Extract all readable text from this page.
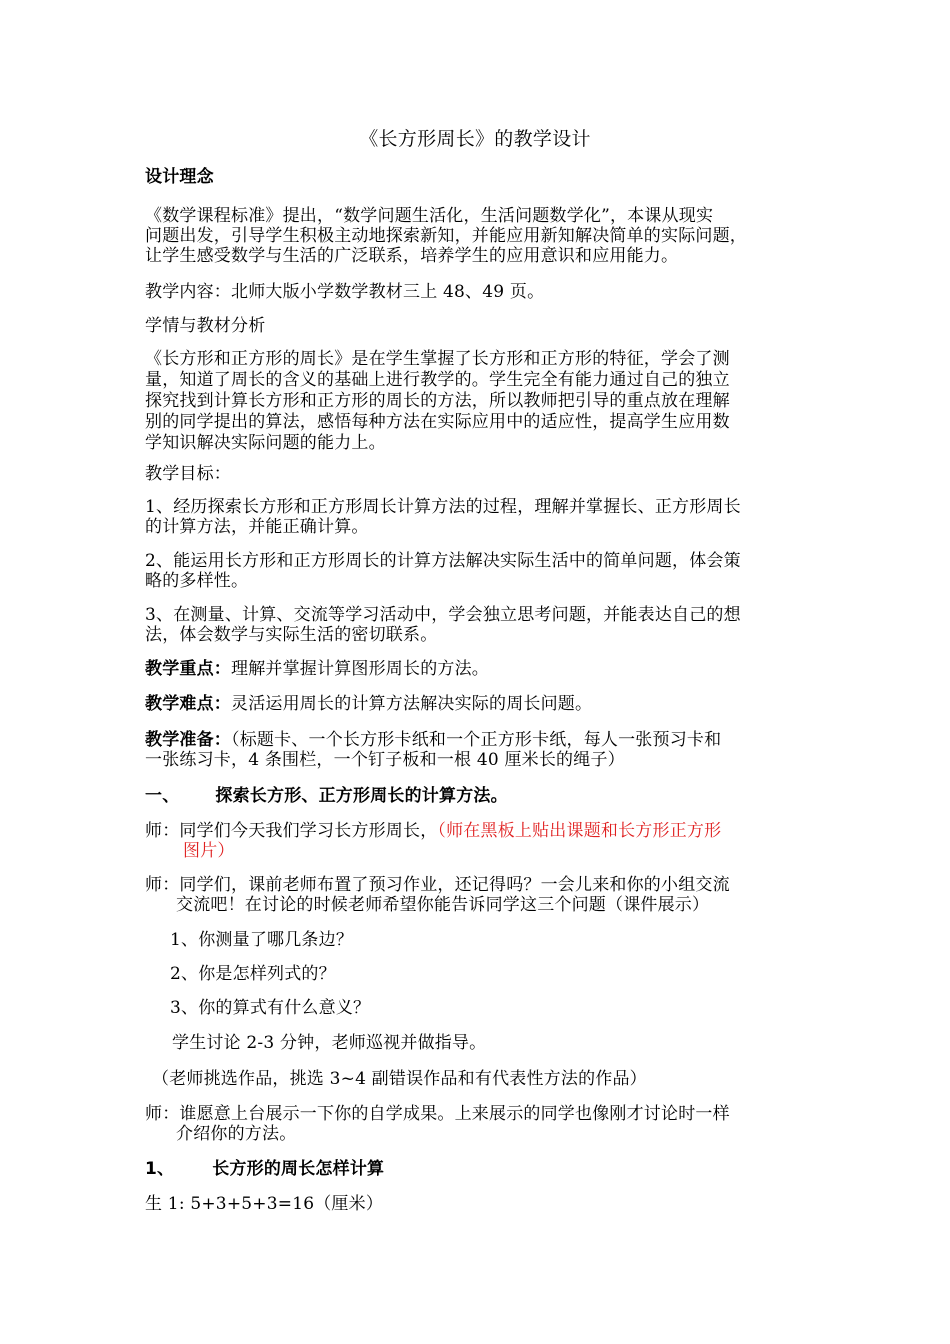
《长方形周长》的教学设计
设计理念
《数学课程标准》提出，“数学问题生活化，生活问题数学化”，本课从现实
问题出发，引导学生积极主动地探索新知，并能应用新知解决简单的实际问题，
让学生感受数学与生活的广泛联系，培养学生的应用意识和应用能力。
教学内容：北师大版小学数学教材三上 48、49 页。
学情与教材分析
《长方形和正方形的周长》是在学生掌握了长方形和正方形的特征，学会了测
量，知道了周长的含义的基础上进行教学的。学生完全有能力通过自己的独立
探究找到计算长方形和正方形的周长的方法，所以教师把引导的重点放在理解
别的同学提出的算法，感悟每种方法在实际应用中的适应性，提高学生应用数
学知识解决实际问题的能力上。
教学目标：
1、经历探索长方形和正方形周长计算方法的过程，理解并掌握长、正方形周长
的计算方法，并能正确计算。
2、能运用长方形和正方形周长的计算方法解决实际生活中的简单问题，体会策
略的多样性。
3、在测量、计算、交流等学习活动中，学会独立思考问题，并能表达自己的想
法，体会数学与实际生活的密切联系。
教学重点：理解并掌握计算图形周长的方法。
教学难点：灵活运用周长的计算方法解决实际的周长问题。
教学准备：（标题卡、一个长方形卡纸和一个正方形卡纸，每人一张预习卡和
一张练习卡，4 条围栏，一个钉子板和一根 40 厘米长的绳子）
一、 探索长方形、正方形周长的计算方法。
师：同学们今天我们学习长方形周长，（师在黑板上贴出课题和长方形正方形
图片）
师：同学们，课前老师布置了预习作业，还记得吗？一会儿来和你的小组交流
交流吧！在讨论的时候老师希望你能告诉同学这三个问题（课件展示）
1、你测量了哪几条边？
2、你是怎样列式的？
3、你的算式有什么意义？
学生讨论 2-3 分钟，老师巡视并做指导。
（老师挑选作品，挑选 3~4 副错误作品和有代表性方法的作品）
师：谁愿意上台展示一下你的自学成果。上来展示的同学也像刚才讨论时一样
介绍你的方法。
1、 长方形的周长怎样计算
生 1: 5+3+5+3=16（厘米）
